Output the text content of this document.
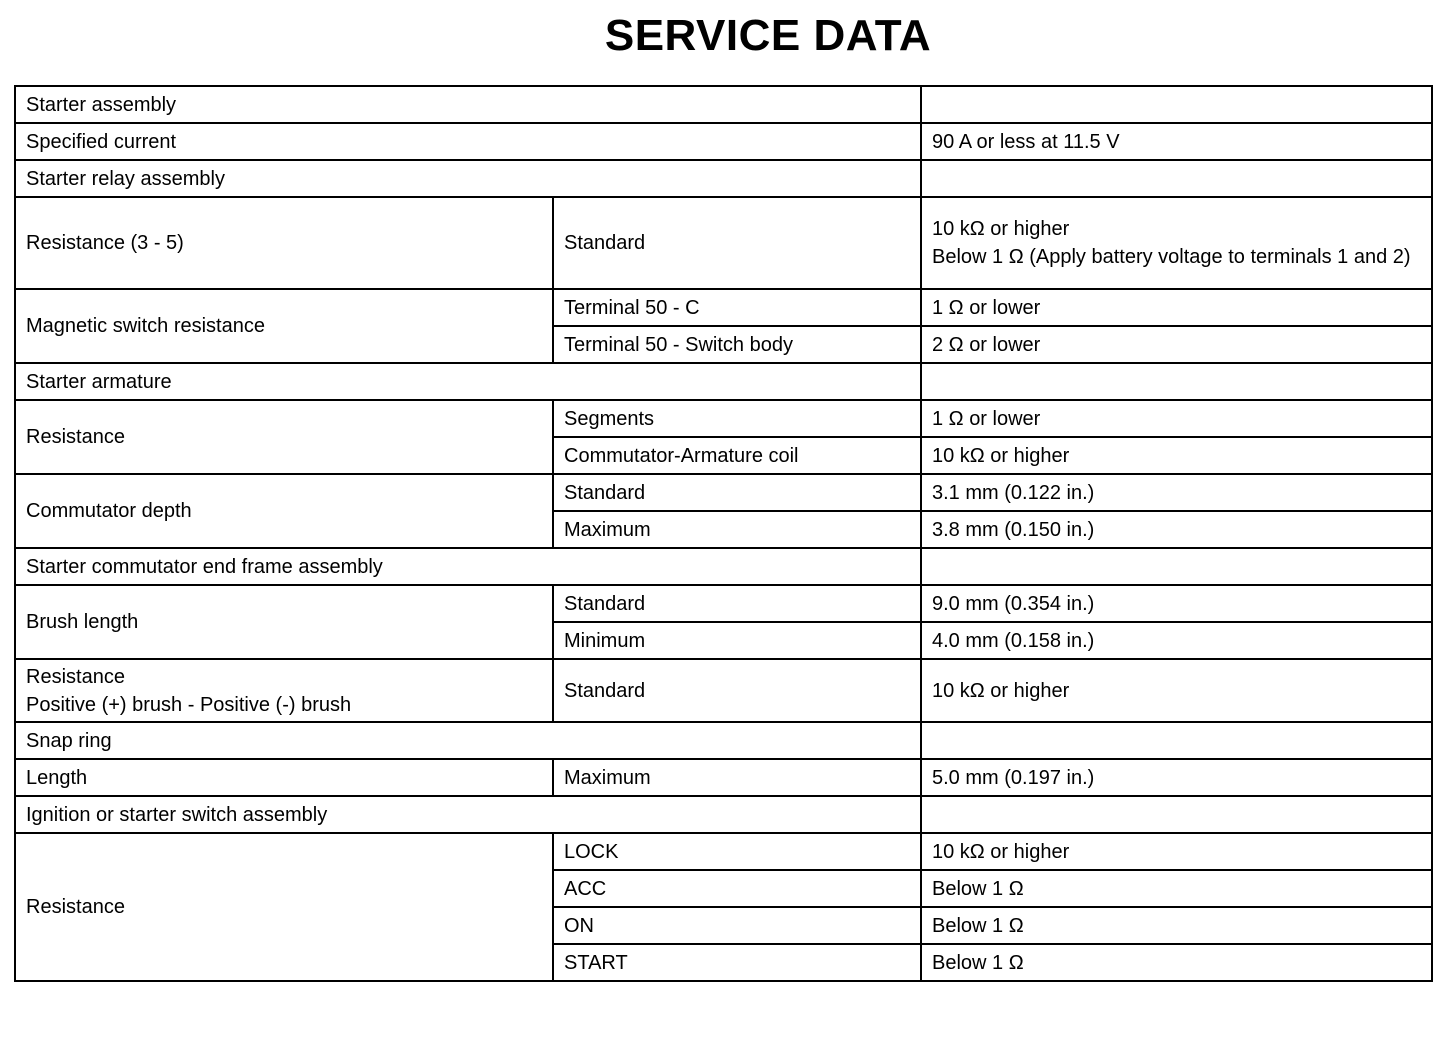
SERVICE DATA
Starter assembly		
Specified current		90 A or less at 11.5 V
Starter relay assembly		
Resistance (3 - 5)	Standard	10 kΩ or higher
Below 1 Ω (Apply battery voltage to terminals 1 and 2)

Magnetic switch resistance	Terminal 50 - C	1 Ω or lower
	Terminal 50 - Switch body	2 Ω or lower
Starter armature		
Resistance	Segments	1 Ω or lower
	Commutator-Armature coil	10 kΩ or higher
Commutator depth	Standard	3.1 mm (0.122 in.)
	Maximum	3.8 mm (0.150 in.)
Starter commutator end frame assembly		
Brush length	Standard	9.0 mm (0.354 in.)
	Minimum	4.0 mm (0.158 in.)

Resistance
Positive (+) brush - Positive (-) brush	Standard	10 kΩ or higher
Snap ring		
Length	Maximum	5.0 mm (0.197 in.)
Ignition or starter switch assembly		
Resistance	LOCK	10 kΩ or higher
	ACC	Below 1 Ω
	ON	Below 1 Ω
	START	Below 1 Ω
